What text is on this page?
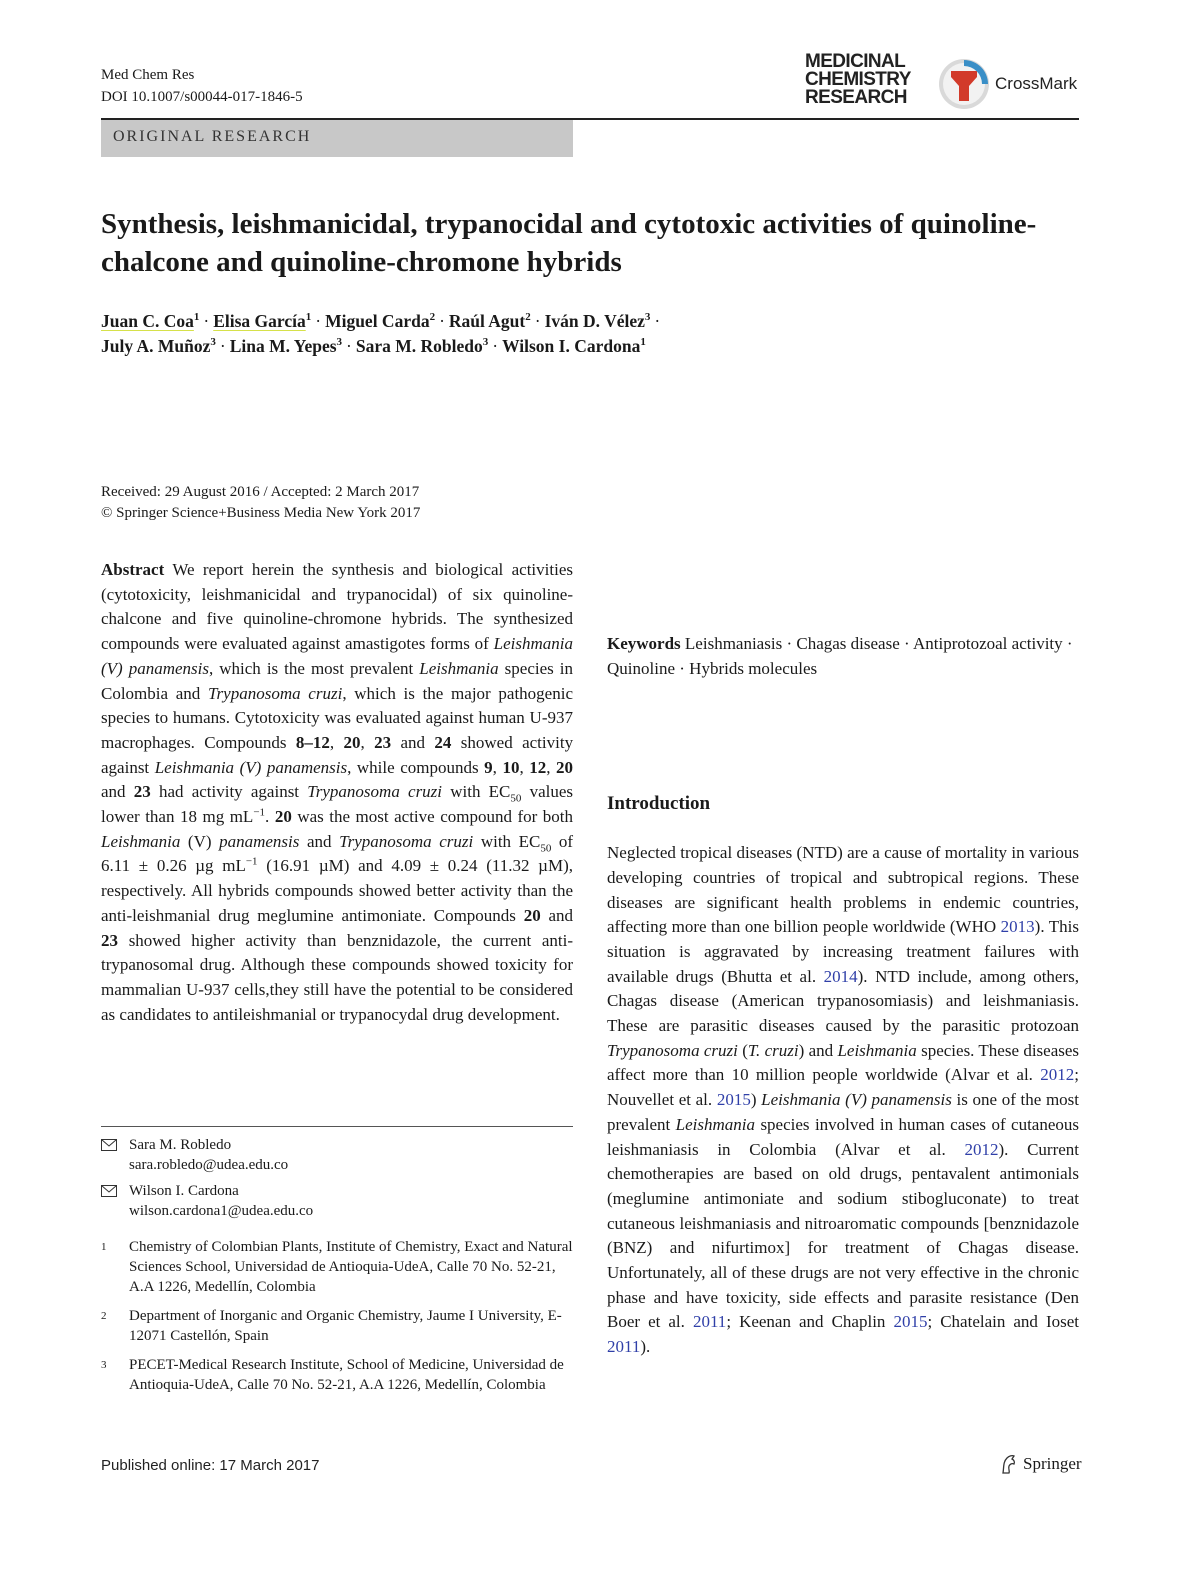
Med Chem Res
DOI 10.1007/s00044-017-1846-5
MEDICINAL
CHEMISTRY
RESEARCH
CrossMark
ORIGINAL RESEARCH
Synthesis, leishmanicidal, trypanocidal and cytotoxic activities of quinoline-chalcone and quinoline-chromone hybrids
Juan C. Coa$^1$ · Elisa García$^1$ · Miguel Carda$^2$ · Raúl Agut$^2$ · Iván D. Vélez$^3$ ·
July A. Muñoz$^3$ · Lina M. Yepes$^3$ · Sara M. Robledo$^3$ · Wilson I. Cardona$^1$
Received: 29 August 2016 / Accepted: 2 March 2017
© Springer Science+Business Media New York 2017

Abstract We report herein the synthesis and biological activities (cytotoxicity, leishmanicidal and trypanocidal) of six quinoline-chalcone and five quinoline-chromone hybrids. The synthesized compounds were evaluated against amastigotes forms of Leishmania (V) panamensis, which is the most prevalent Leishmania species in Colombia and Trypanosoma cruzi, which is the major pathogenic species to humans. Cytotoxicity was evaluated against human U-937 macrophages. Compounds 8–12, 20, 23 and 24 showed activity against Leishmania (V) panamensis, while compounds 9, 10, 12, 20 and 23 had activity against Trypanosoma cruzi with $EC_{50}$ values lower than 18 mg $mL^{-1}$. 20 was the most active compound for both Leishmania (V) panamensis and Trypanosoma cruzi with $EC_{50}$ of 6.11 ± 0.26 µg $mL^{-1}$ (16.91 µM) and 4.09 ± 0.24 (11.32 µM), respectively. All hybrids compounds showed better activity than the anti-leishmanial drug meglumine antimoniate. Compounds 20 and 23 showed higher activity than benznidazole, the current anti-trypanosomal drug. Although these compounds showed toxicity for mammalian U-937 cells,they still have the potential to be considered as candidates to antileishmanial or trypanocydal drug development.

Keywords Leishmaniasis · Chagas disease · Antiprotozoal activity · Quinoline · Hybrids molecules

Introduction

Neglected tropical diseases (NTD) are a cause of mortality in various developing countries of tropical and subtropical regions. These diseases are significant health problems in endemic countries, affecting more than one billion people worldwide (WHO 2013). This situation is aggravated by increasing treatment failures with available drugs (Bhutta et al. 2014). NTD include, among others, Chagas disease (American trypanosomiasis) and leishmaniasis. These are parasitic diseases caused by the parasitic protozoan Trypanosoma cruzi (T. cruzi) and Leishmania species. These diseases affect more than 10 million people worldwide (Alvar et al. 2012; Nouvellet et al. 2015) Leishmania (V) panamensis is one of the most prevalent Leishmania species involved in human cases of cutaneous leishmaniasis in Colombia (Alvar et al. 2012). Current chemotherapies are based on old drugs, pentavalent antimonials (meglumine antimoniate and sodium stibogluconate) to treat cutaneous leishmaniasis and nitroaromatic compounds [benznidazole (BNZ) and nifurtimox] for treatment of Chagas disease. Unfortunately, all of these drugs are not very effective in the chronic phase and have toxicity, side effects and parasite resistance (Den Boer et al. 2011; Keenan and Chaplin 2015; Chatelain and Ioset 2011).

Sara M. Robledo
sara.robledo@udea.edu.co
Wilson I. Cardona
wilson.cardona1@udea.edu.co
1	Chemistry of Colombian Plants, Institute of Chemistry, Exact and Natural Sciences School, Universidad de Antioquia-UdeA, Calle 70 No. 52-21, A.A 1226, Medellín, Colombia
2	Department of Inorganic and Organic Chemistry, Jaume I University, E-12071 Castellón, Spain
3	PECET-Medical Research Institute, School of Medicine, Universidad de Antioquia-UdeA, Calle 70 No. 52-21, A.A 1226, Medellín, Colombia
Published online: 17 March 2017	Springer
